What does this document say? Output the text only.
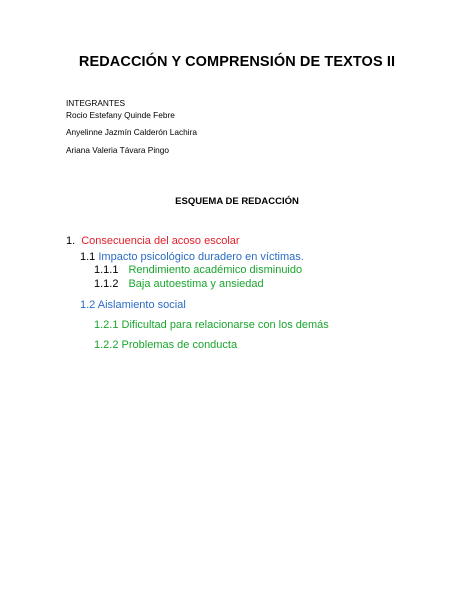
REDACCIÓN Y COMPRENSIÓN DE TEXTOS II
INTEGRANTES
Rocio Estefany Quinde Febre
Anyelinne Jazmín Calderón Lachira
Ariana Valeria Távara Pingo
ESQUEMA DE REDACCIÓN
1. Consecuencia del acoso escolar
1.1 Impacto psicológico duradero en víctimas.
1.1.1 Rendimiento académico disminuido
1.1.2 Baja autoestima y ansiedad
1.2 Aislamiento social
1.2.1 Dificultad para relacionarse con los demás
1.2.2 Problemas de conducta
